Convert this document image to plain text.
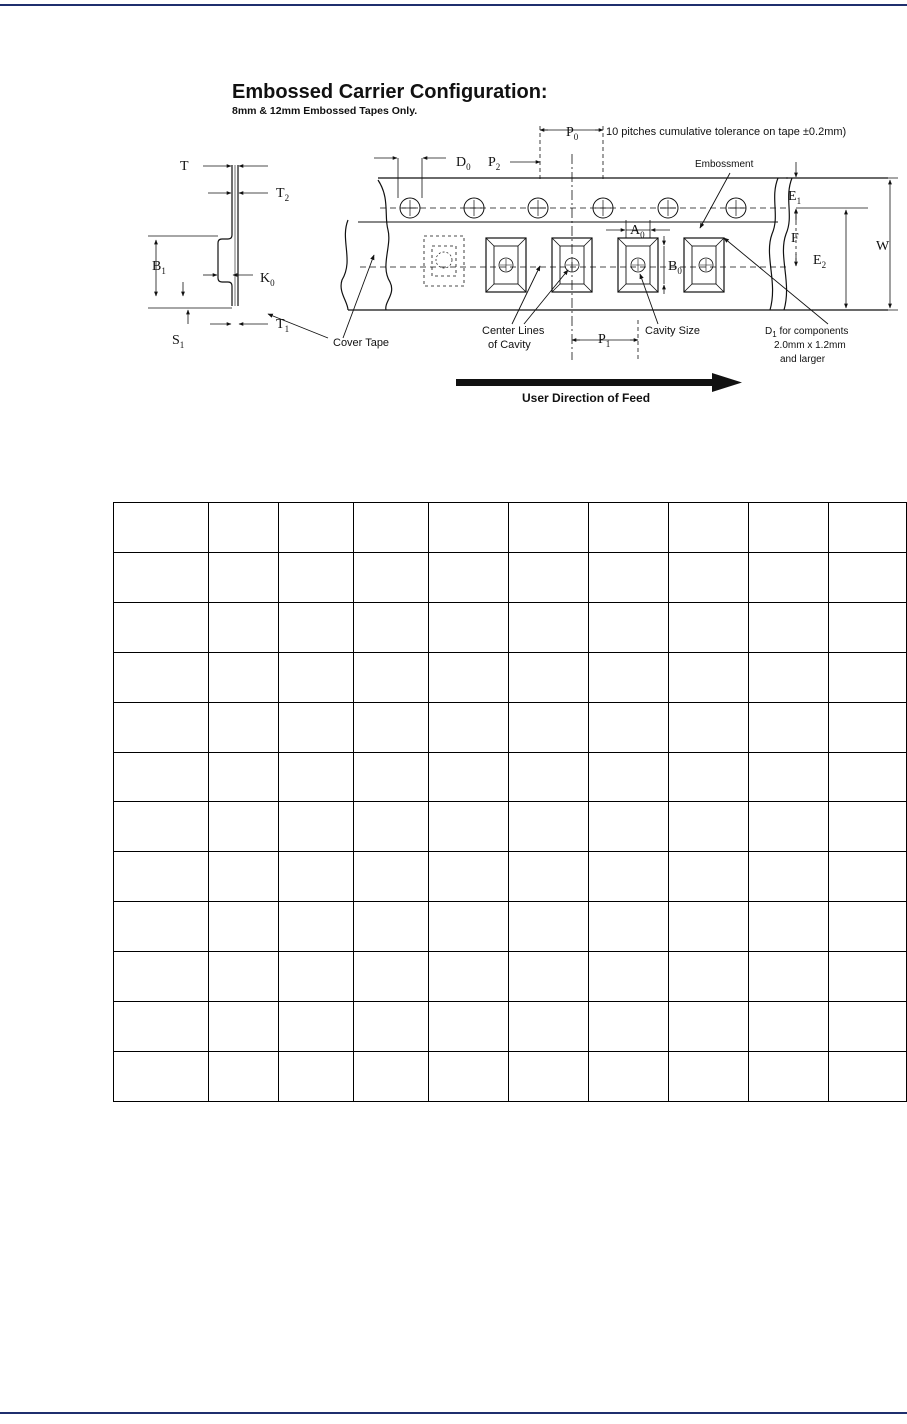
Embossed Carrier Configuration:
8mm & 12mm Embossed Tapes Only.
T
$T_2$
$B_1$	$K_0$
$S_1$
$T_1$
$D_0$ $P_2$
$P_0$
$A_0$
$B_0$
$P_1$
$E_1$
F
$E_2$
W
10 pitches cumulative tolerance on tape ±0.2mm)
Embossment
Cover Tape
Center Lines
of Cavity
Cavity Size	$D_1$ for components
2.0mm x 1.2mm
and larger
User Direction of Feed
